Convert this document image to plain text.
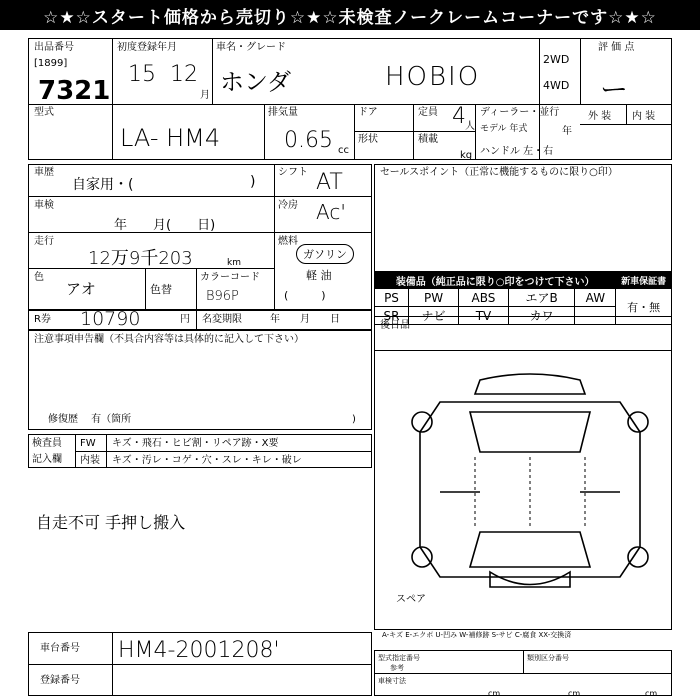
☆★☆スタート価格から売切り☆★☆未検査ノークレームコーナーです☆★☆
出品番号
[1899]
7321
初度登録年月
15 12
月
車名・グレード
ホンダ	HOBIO
2WD
4WD
評 価 点
ー
外 装 内 装
型式
LA- HM4
排気量
0.65 cc
ドア
形状
定員 4 人
積載
kg
ディーラー・並行
モデル 年式	年
ハンドル 左・右
車歴
自家用・(	)
車検
年　　月(　　日)
走行
12万9千203	km
色
アオ	色替
カラーコード
B96P
シフト AT
冷房 Ac'
燃料
ガソリン
軽 油
(　　　)
R券 10790	円 名変期限	年　　月　　日
セールスポイント（正常に機能するものに限り○印）
装備品（純正品に限り○印をつけて下さい）					新車保証書
PS	PW	ABS	エアB	AW	有・無
SR	ナビ	TV	カワ		
後日品
スペア
A-キズ E-エクボ U-凹み W-補修跡 S-サビ C-腐食 XX-交換済
型式指定番号	類別区分番号
車検寸法
参考
cm	cm	cm
注意事項申告欄（不具合内容等は具体的に記入して下さい）
修復歴　 有（箇所	)
検査員
記入欄
FW キズ・飛石・ヒビ割・リペア跡・X要
内装 キズ・汚レ・コゲ・穴・スレ・キレ・破レ
自走不可 手押し搬入
車台番号 HM4-2001208'
登録番号
